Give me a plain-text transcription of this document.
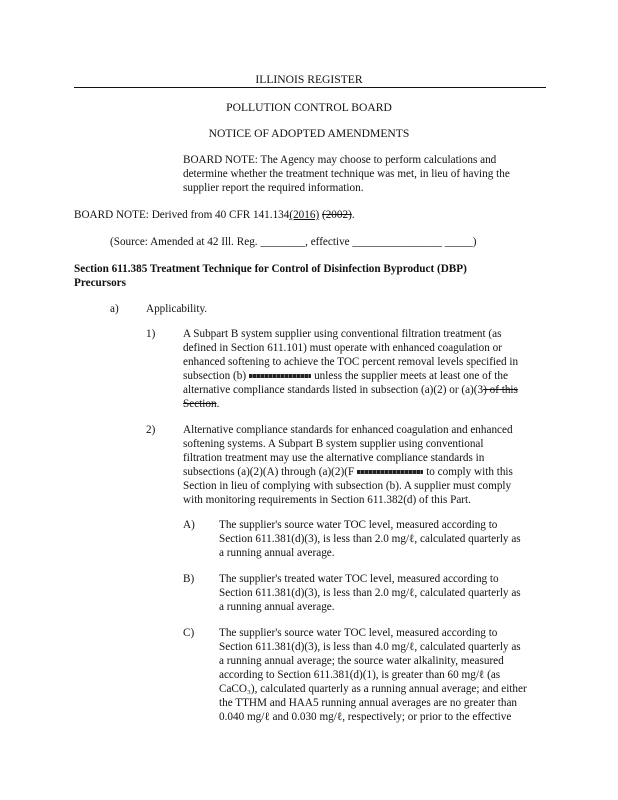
ILLINOIS REGISTER
POLLUTION CONTROL BOARD
NOTICE OF ADOPTED AMENDMENTS
BOARD NOTE: The Agency may choose to perform calculations and
determine whether the treatment technique was met, in lieu of having the
supplier report the required information.
BOARD NOTE: Derived from 40 CFR 141.134(2016) (2002).
(Source: Amended at 42 Ill. Reg. ________, effective ________________ _____)
Section 611.385 Treatment Technique for Control of Disinfection Byproduct (DBP)
Precursors
a) Applicability.
1) A Subpart B system supplier using conventional filtration treatment (as
defined in Section 611.101) must operate with enhanced coagulation or
enhanced softening to achieve the TOC percent removal levels specified in
subsection (b)	unless the supplier meets at least one of the
alternative compliance standards listed in subsection (a)(2) or (a)(3) of this
Section.
2) Alternative compliance standards for enhanced coagulation and enhanced
softening systems. A Subpart B system supplier using conventional
filtration treatment may use the alternative compliance standards in
subsections (a)(2)(A) through (a)(2)(F	to comply with this
Section in lieu of complying with subsection (b). A supplier must comply
with monitoring requirements in Section 611.382(d) of this Part.
A) The supplier's source water TOC level, measured according to
Section 611.381(d)(3), is less than 2.0 mg/ℓ, calculated quarterly as
a running annual average.
B) The supplier's treated water TOC level, measured according to
Section 611.381(d)(3), is less than 2.0 mg/ℓ, calculated quarterly as
a running annual average.
C) The supplier's source water TOC level, measured according to
Section 611.381(d)(3), is less than 4.0 mg/ℓ, calculated quarterly as
a running annual average; the source water alkalinity, measured
according to Section 611.381(d)(1), is greater than 60 mg/ℓ (as
CaCO₃), calculated quarterly as a running annual average; and either
the TTHM and HAA5 running annual averages are no greater than
0.040 mg/ℓ and 0.030 mg/ℓ, respectively; or prior to the effective
